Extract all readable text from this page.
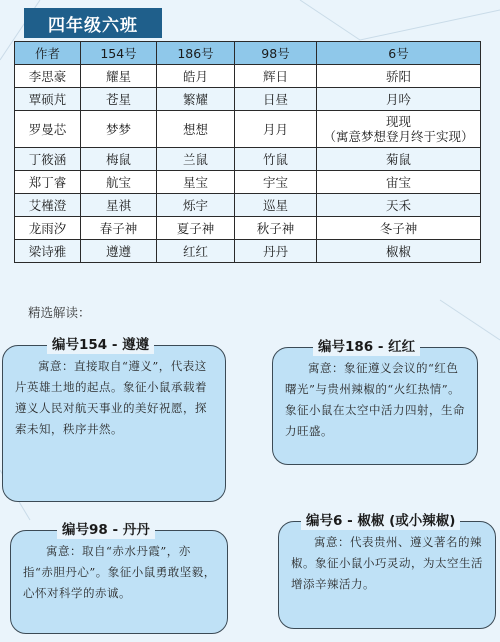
四年级六班
作者	154号	186号	98号	6号
李思豪	耀星	皓月	辉日	骄阳
覃硕芃	苍星	繁耀	日昼	月吟
罗曼芯	梦梦	想想	月月	现现
（寓意梦想登月终于实现）

丁筱涵	梅鼠	兰鼠	竹鼠	菊鼠
郑丁睿	航宝	星宝	宇宝	宙宝
艾槿澄	星祺	烁宇	巡星	天禾
龙雨汐	春子神	夏子神	秋子神	冬子神
梁诗雅	遵遵	红红	丹丹	椒椒
精选解读：
编号154 - 遵遵
寓意：直接取自“遵义”，代表这片英雄土地的起点。象征小鼠承载着遵义人民对航天事业的美好祝愿，探索未知，秩序井然。
编号186 - 红红
寓意：象征遵义会议的“红色曙光”与贵州辣椒的“火红热情”。象征小鼠在太空中活力四射，生命力旺盛。
编号98 - 丹丹
寓意：取自“赤水丹霞”，亦指“赤胆丹心”。象征小鼠勇敢坚毅，心怀对科学的赤诚。
编号6 - 椒椒 (或小辣椒)
寓意：代表贵州、遵义著名的辣椒。象征小鼠小巧灵动，为太空生活增添辛辣活力。
